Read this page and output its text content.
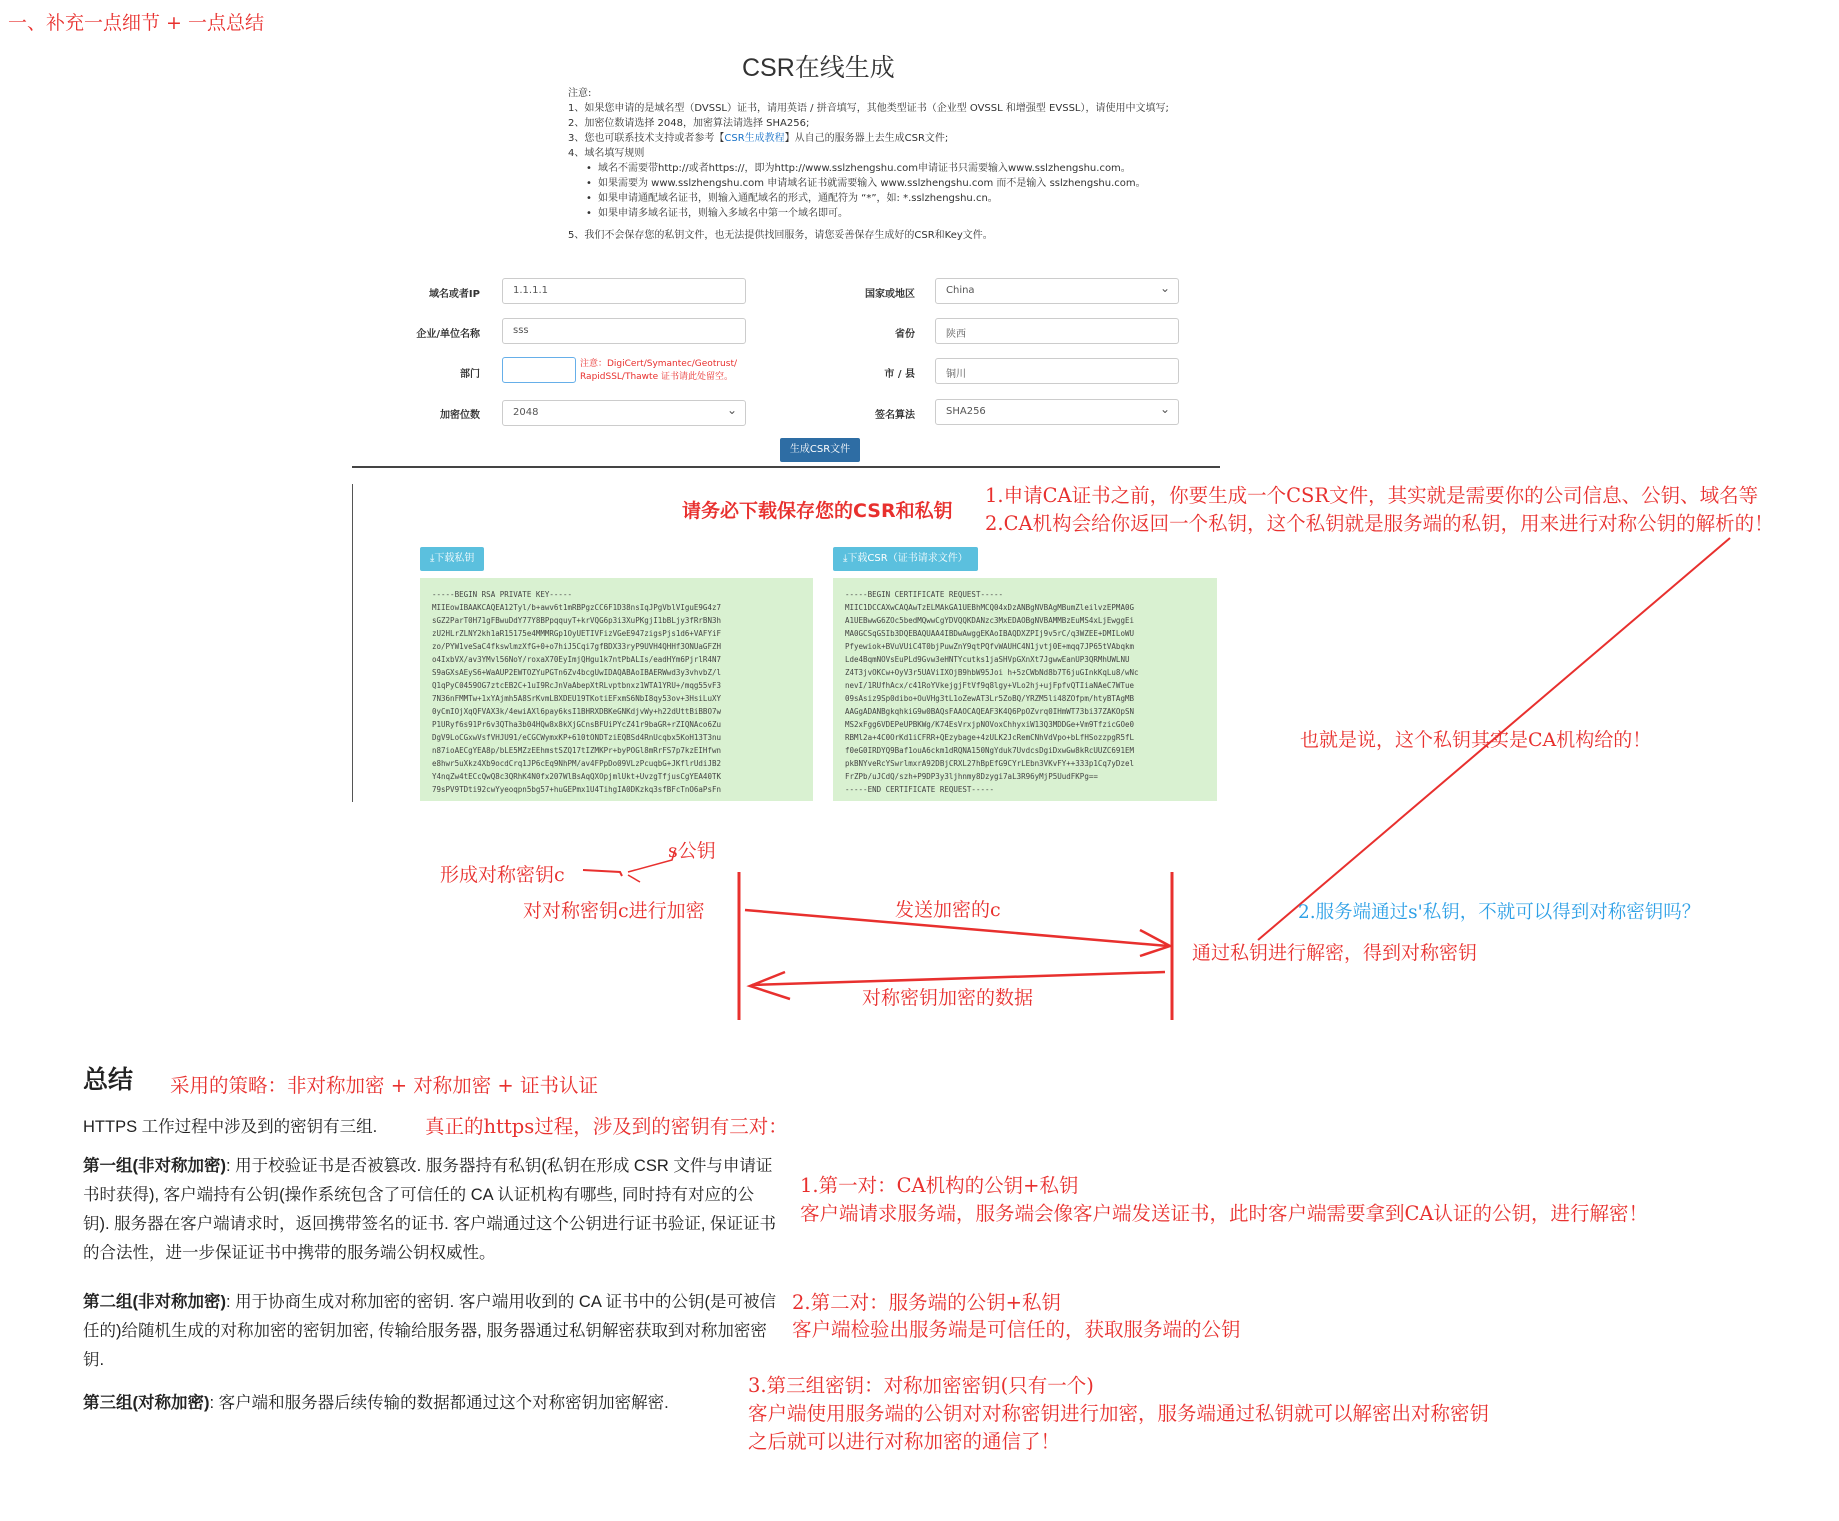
一、补充一点细节 + 一点总结
CSR在线生成
注意:
1、如果您申请的是域名型（DVSSL）证书，请用英语 / 拼音填写，其他类型证书（企业型 OVSSL 和增强型 EVSSL），请使用中文填写;
2、加密位数请选择 2048，加密算法请选择 SHA256;
3、您也可联系技术支持或者参考【CSR生成教程】从自己的服务器上去生成CSR文件;
4、域名填写规则
• 域名不需要带http://或者https://，即为http://www.sslzhengshu.com申请证书只需要输入www.sslzhengshu.com。
• 如果需要为 www.sslzhengshu.com 申请域名证书就需要输入 www.sslzhengshu.com 而不是输入 sslzhengshu.com。
• 如果申请通配域名证书，则输入通配域名的形式，通配符为 “*”，如: *.sslzhengshu.cn。
• 如果申请多域名证书，则输入多域名中第一个域名即可。
5、我们不会保存您的私钥文件，也无法提供找回服务，请您妥善保存生成好的CSR和Key文件。
域名或者IP	1.1.1.1
企业/单位名称	sss
部门
注意：DigiCert/Symantec/Geotrust/ RapidSSL/Thawte 证书请此处留空。
加密位数	2048 ⌄
国家或地区	China ⌄
省份	陕西
市 / 县	铜川
签名算法	SHA256 ⌄
生成CSR文件
请务必下载保存您的CSR和私钥
⤓下载私钥	⤓下载CSR（证书请求文件）
-----BEGIN RSA PRIVATE KEY-----
MIIEowIBAAKCAQEA12Tyl/b+awv6t1mRBPgzCC6F1D38nsIqJPgVblVIguE9G4z7
sGZ2ParT0H71gFBwuDdY77Y8BPpqquyT+krVQG6p3i3XuPKgjI1bBLjy3fRrBN3h
zU2HLrZLNY2kh1aR15175e4MMMRGp1OyUETIVFizVGeE947zigsPjs1d6+VAFYiF
zo/PYW1veSaC4fkswlmzXfG+0+o7hiJ5Cqi7gfBDX33ryP9UVH4QHHf3ONUaGFZH
o4IxbVX/av3YMvl56NoY/roxaX70EyImjQHgu1k7ntPbALIs/eadHYm6PjrlR4N7
S9aGXsAEyS6+WaAUP2EWTOZYuPGTn6Zv4bcgUwIDAQABAoIBAERWwd3y3vhvbZ/l
Q1qPyC0459OG7ztcEB2C+1uI9RcJnVaAbepXtRLvptbnxz1WTA1YRU+/mqg55vF3
7N36nFMMTw+1xYAjmh5A8SrKvmLBXDEU19TKotiEFxmS6NbI8qy53ov+3HsiLuXY
0yCmIOjXqQFVAX3k/4ewiAXl6pay6ksI1BHRXDBKeGNKdjvWy+h22dUttBiBBO7w
P1URyf6s91Pr6v3QTha3b04HQw8x8kXjGCnsBFUiPYcZ41r9baGR+rZIQNAco6Zu
DgV9LoCGxwVsfVHJU91/eCGCWymxKP+610tONDTziEQBSd4RnUcqbx5KoH13T3nu
n87ioAECgYEA8p/bLE5MZzEEhmstSZQ17tIZMKPr+byPOGl8mRrFS7p7kzEIHfwn
e8hwr5uXkz4Xb9ocdCrq1JP6cEq9NhPM/av4FPpDo09VLzPcuqbG+JKflrUdiJB2
Y4nqZw4tECcQwQ8c3QRhK4N0fx207WlBsAqQXOpjmlUkt+UvzgTfjusCgYEA40TK
79sPV9TDti92cwYyeoqpn5bg57+huGEPmx1U4TihgIA0DKzkq3sfBFcTnO6aPsFn
-----BEGIN CERTIFICATE REQUEST-----
MIIC1DCCAXwCAQAwTzELMAkGA1UEBhMCQ04xDzANBgNVBAgMBumZleilvzEPMA0G
A1UEBwwG6ZOc5bedMQwwCgYDVQQKDANzc3MxEDAOBgNVBAMMBzEuMS4xLjEwggEi
MA0GCSqGSIb3DQEBAQUAA4IBDwAwggEKAoIBAQDXZPIj9v5rC/q3WZEE+DMILoWU
Pfyewiok+BVuVUiC4T0bjPuwZnY9qtPQfvWAUHC4N1jvtj0E+mqq7JP65tVAbqkm
Lde4BqmNOVsEuPLd9Gvw3eHNTYcutks1jaSHVpGXnXt7JgwwEanUP3QRMhUWLNU
Z4T3jvOKCw+OyV3r5UAViIXOjB9hbW95Joi h+5zCWbNd8b7T6juGInkKqLu8/wNc
nevI/1RUfhAcx/c41RoYVkejgjFtVf9q8lgy+VLo2hj+ujFpfvQTIiaNAeC7WTue
09sAsiz9Sp0dibo+OuVHg3tL1oZewAT3Lr5ZoBQ/YRZM5li48ZOfpm/htyBTAgMB
AAGgADANBgkqhkiG9w0BAQsFAAOCAQEAF3K4Q6PpOZvrq0IHmWT73bi37ZAKOpSN
MS2xFgg6VDEPeUPBKWg/K74EsVrxjpNOVoxChhyxiW13Q3MDDGe+Vm9TfzicGOe0
RBMl2a+4C0OrKd1iCFRR+QEzybage+4zULK2JcRemCNhVdVpo+bLfHSozzpgR5fL
f0eG0IRDYQ9Baf1ouA6ckm1dRQNA150NgYduk7UvdcsDgiDxwGw8kRcUUZC691EM
pkBNYveRcYSwrlmxrA92DBjCRXL27hBpEfG9CYrLEbn3VKvFY++333p1Cq7yDzel
FrZPb/uJCdQ/szh+P9DP3y3ljhnmy8Dzygi7aL3R96yMjP5UudFKPg==
-----END CERTIFICATE REQUEST-----
1.申请CA证书之前，你要生成一个CSR文件，其实就是需要你的公司信息、公钥、域名等
2.CA机构会给你返回一个私钥，这个私钥就是服务端的私钥，用来进行对称公钥的解析的！
也就是说，这个私钥其实是CA机构给的！
形成对称密钥c
s公钥
对对称密钥c进行加密	发送加密的c
通过私钥进行解密，得到对称密钥
2.服务端通过s'私钥，不就可以得到对称密钥吗？
对称密钥加密的数据
总结 采用的策略：非对称加密 + 对称加密 + 证书认证
HTTPS 工作过程中涉及到的密钥有三组. 真正的https过程，涉及到的密钥有三对：
第一组(非对称加密): 用于校验证书是否被篡改. 服务器持有私钥(私钥在形成 CSR 文件与申请证书时获得), 客户端持有公钥(操作系统包含了可信任的 CA 认证机构有哪些, 同时持有对应的公钥). 服务器在客户端请求时，返回携带签名的证书. 客户端通过这个公钥进行证书验证, 保证证书的合法性，进一步保证证书中携带的服务端公钥权威性。
第二组(非对称加密): 用于协商生成对称加密的密钥. 客户端用收到的 CA 证书中的公钥(是可被信任的)给随机生成的对称加密的密钥加密, 传输给服务器, 服务器通过私钥解密获取到对称加密密钥.
第三组(对称加密): 客户端和服务器后续传输的数据都通过这个对称密钥加密解密.
1.第一对：CA机构的公钥+私钥
客户端请求服务端，服务端会像客户端发送证书，此时客户端需要拿到CA认证的公钥，进行解密！
2.第二对：服务端的公钥+私钥
客户端检验出服务端是可信任的，获取服务端的公钥
3.第三组密钥：对称加密密钥(只有一个)
客户端使用服务端的公钥对对称密钥进行加密，服务端通过私钥就可以解密出对称密钥
之后就可以进行对称加密的通信了！
